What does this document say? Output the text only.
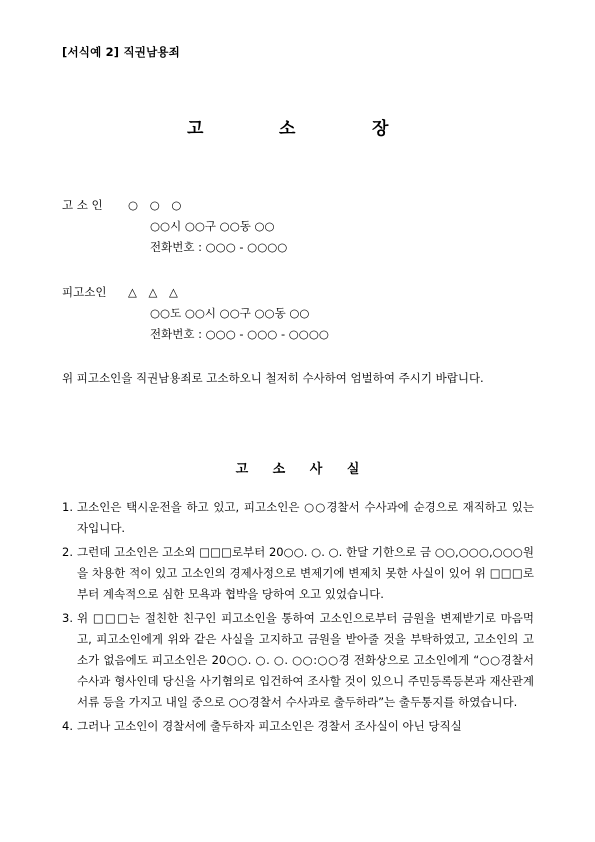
[서식예 2] 직권남용죄
고	소	장
고 소 인	○ ○ ○
○○시 ○○구 ○○동 ○○
전화번호 : ○○○ - ○○○○
피고소인	△ △ △
○○도 ○○시 ○○구 ○○동 ○○
전화번호 : ○○○ - ○○○ - ○○○○
위 피고소인을 직권남용죄로 고소하오니 철저히 수사하여 엄벌하여 주시기 바랍니다.
고 소 사 실
1. 고소인은 택시운전을 하고 있고, 피고소인은 ○○경찰서 수사과에 순경으로 재직하고 있는 자입니다.
2. 그런데 고소인은 고소외 □□□로부터 20○○. ○. ○. 한달 기한으로 금 ○○,○○○,○○○원을 차용한 적이 있고 고소인의 경제사정으로 변제기에 변제치 못한 사실이 있어 위 □□□로부터 계속적으로 심한 모욕과 협박을 당하여 오고 있었습니다.
3. 위 □□□는 절친한 친구인 피고소인을 통하여 고소인으로부터 금원을 변제받기로 마음먹고, 피고소인에게 위와 같은 사실을 고지하고 금원을 받아줄 것을 부탁하였고, 고소인의 고소가 없음에도 피고소인은 20○○. ○. ○. ○○:○○경 전화상으로 고소인에게 “○○경찰서 수사과 형사인데 당신을 사기혐의로 입건하여 조사할 것이 있으니 주민등록등본과 재산관계서류 등을 가지고 내일 중으로 ○○경찰서 수사과로 출두하라”는 출두통지를 하였습니다.
4. 그러나 고소인이 경찰서에 출두하자 피고소인은 경찰서 조사실이 아닌 당직실
